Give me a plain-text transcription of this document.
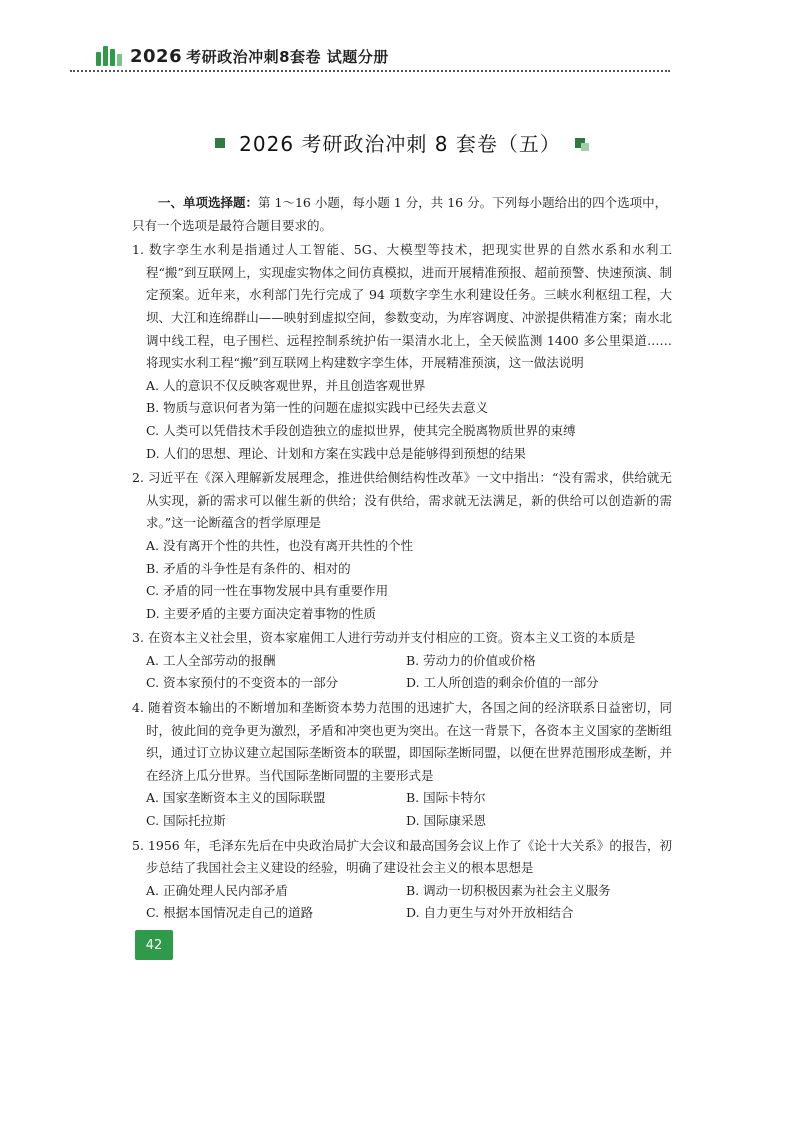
2026 考研政治冲刺8套卷 试题分册
2026 考研政治冲刺 8 套卷（五）
一、单项选择题：第 1～16 小题，每小题 1 分，共 16 分。下列每小题给出的四个选项中，只有一个选项是最符合题目要求的。
1. 数字孪生水利是指通过人工智能、5G、大模型等技术，把现实世界的自然水系和水利工程“搬”到互联网上，实现虚实物体之间仿真模拟，进而开展精准预报、超前预警、快速预演、制定预案。近年来，水利部门先行完成了 94 项数字孪生水利建设任务。三峡水利枢纽工程，大坝、大江和连绵群山——映射到虚拟空间，参数变动，为库容调度、冲淤提供精准方案；南水北调中线工程，电子围栏、远程控制系统护佑一渠清水北上，全天候监测 1400 多公里渠道……将现实水利工程“搬”到互联网上构建数字孪生体，开展精准预演，这一做法说明
A. 人的意识不仅反映客观世界，并且创造客观世界
B. 物质与意识何者为第一性的问题在虚拟实践中已经失去意义
C. 人类可以凭借技术手段创造独立的虚拟世界，使其完全脱离物质世界的束缚
D. 人们的思想、理论、计划和方案在实践中总是能够得到预想的结果
2. 习近平在《深入理解新发展理念，推进供给侧结构性改革》一文中指出：“没有需求，供给就无从实现，新的需求可以催生新的供给；没有供给，需求就无法满足，新的供给可以创造新的需求。”这一论断蕴含的哲学原理是
A. 没有离开个性的共性，也没有离开共性的个性
B. 矛盾的斗争性是有条件的、相对的
C. 矛盾的同一性在事物发展中具有重要作用
D. 主要矛盾的主要方面决定着事物的性质
3. 在资本主义社会里，资本家雇佣工人进行劳动并支付相应的工资。资本主义工资的本质是
A. 工人全部劳动的报酬	B. 劳动力的价值或价格
C. 资本家预付的不变资本的一部分	D. 工人所创造的剩余价值的一部分
4. 随着资本输出的不断增加和垄断资本势力范围的迅速扩大，各国之间的经济联系日益密切，同时，彼此间的竞争更为激烈，矛盾和冲突也更为突出。在这一背景下，各资本主义国家的垄断组织，通过订立协议建立起国际垄断资本的联盟，即国际垄断同盟，以便在世界范围形成垄断，并在经济上瓜分世界。当代国际垄断同盟的主要形式是
A. 国家垄断资本主义的国际联盟	B. 国际卡特尔
C. 国际托拉斯	D. 国际康采恩
5. 1956 年，毛泽东先后在中央政治局扩大会议和最高国务会议上作了《论十大关系》的报告，初步总结了我国社会主义建设的经验，明确了建设社会主义的根本思想是
A. 正确处理人民内部矛盾	B. 调动一切积极因素为社会主义服务
C. 根据本国情况走自己的道路	D. 自力更生与对外开放相结合
42
